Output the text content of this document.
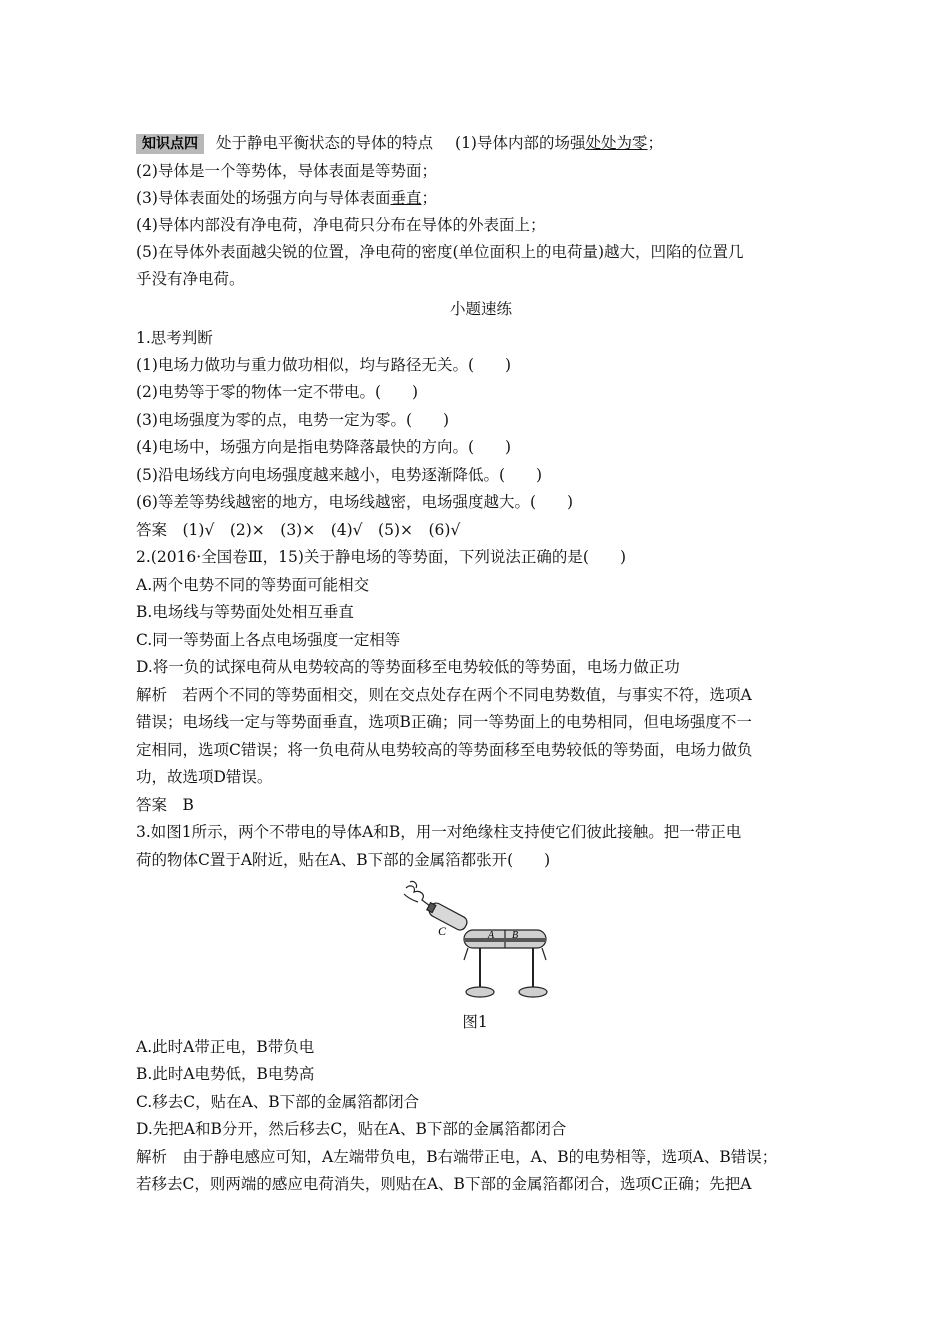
知识点四 处于静电平衡状态的导体的特点 (1)导体内部的场强处处为零；
(2)导体是一个等势体，导体表面是等势面；
(3)导体表面处的场强方向与导体表面垂直；
(4)导体内部没有净电荷，净电荷只分布在导体的外表面上；
(5)在导体外表面越尖锐的位置，净电荷的密度(单位面积上的电荷量)越大，凹陷的位置几
乎没有净电荷。
小题速练
1.思考判断
(1)电场力做功与重力做功相似，均与路径无关。(　　)
(2)电势等于零的物体一定不带电。(　　)
(3)电场强度为零的点，电势一定为零。(　　)
(4)电场中，场强方向是指电势降落最快的方向。(　　)
(5)沿电场线方向电场强度越来越小，电势逐渐降低。(　　)
(6)等差等势线越密的地方，电场线越密，电场强度越大。(　　)
答案　(1)√　(2)×　(3)×　(4)√　(5)×　(6)√
2.(2016·全国卷Ⅲ，15)关于静电场的等势面，下列说法正确的是(　　)
A.两个电势不同的等势面可能相交
B.电场线与等势面处处相互垂直
C.同一等势面上各点电场强度一定相等
D.将一负的试探电荷从电势较高的等势面移至电势较低的等势面，电场力做正功
解析　若两个不同的等势面相交，则在交点处存在两个不同电势数值，与事实不符，选项A
错误；电场线一定与等势面垂直，选项B正确；同一等势面上的电势相同，但电场强度不一
定相同，选项C错误；将一负电荷从电势较高的等势面移至电势较低的等势面，电场力做负
功，故选项D错误。
答案　B
3.如图1所示，两个不带电的导体A和B，用一对绝缘柱支持使它们彼此接触。把一带正电
荷的物体C置于A附近，贴在A、B下部的金属箔都张开(　　)
C	A B
图1
A.此时A带正电，B带负电
B.此时A电势低，B电势高
C.移去C，贴在A、B下部的金属箔都闭合
D.先把A和B分开，然后移去C，贴在A、B下部的金属箔都闭合
解析　由于静电感应可知，A左端带负电，B右端带正电，A、B的电势相等，选项A、B错误；
若移去C，则两端的感应电荷消失，则贴在A、B下部的金属箔都闭合，选项C正确；先把A
